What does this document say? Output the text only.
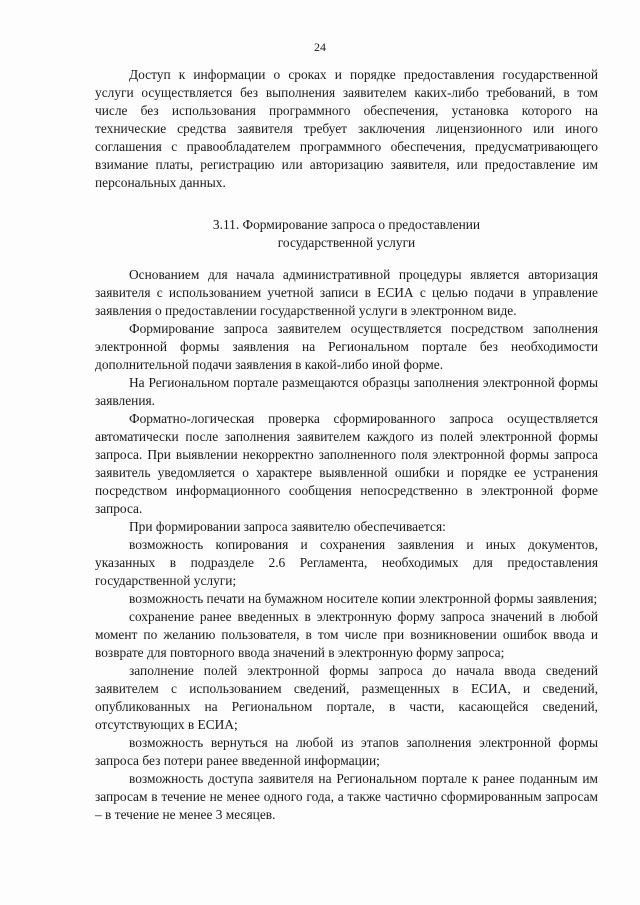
24

Доступ к информации о сроках и порядке предоставления государственной услуги осуществляется без выполнения заявителем каких-либо требований, в том числе без использования программного обеспечения, установка которого на технические средства заявителя требует заключения лицензионного или иного соглашения с правообладателем программного обеспечения, предусматривающего взимание платы, регистрацию или авторизацию заявителя, или предоставление им персональных данных.

3.11. Формирование запроса о предоставлении
государственной услуги

Основанием для начала административной процедуры является авторизация заявителя с использованием учетной записи в ЕСИА с целью подачи в управление заявления о предоставлении государственной услуги в электронном виде.

Формирование запроса заявителем осуществляется посредством заполнения электронной формы заявления на Региональном портале без необходимости дополнительной подачи заявления в какой-либо иной форме.

На Региональном портале размещаются образцы заполнения электронной формы заявления.

Форматно-логическая проверка сформированного запроса осуществляется автоматически после заполнения заявителем каждого из полей электронной формы запроса. При выявлении некорректно заполненного поля электронной формы запроса заявитель уведомляется о характере выявленной ошибки и порядке ее устранения посредством информационного сообщения непосредственно в электронной форме запроса.

При формировании запроса заявителю обеспечивается:

возможность копирования и сохранения заявления и иных документов, указанных в подразделе 2.6 Регламента, необходимых для предоставления государственной услуги;

возможность печати на бумажном носителе копии электронной формы заявления;

сохранение ранее введенных в электронную форму запроса значений в любой момент по желанию пользователя, в том числе при возникновении ошибок ввода и возврате для повторного ввода значений в электронную форму запроса;

заполнение полей электронной формы запроса до начала ввода сведений заявителем с использованием сведений, размещенных в ЕСИА, и сведений, опубликованных на Региональном портале, в части, касающейся сведений, отсутствующих в ЕСИА;

возможность вернуться на любой из этапов заполнения электронной формы запроса без потери ранее введенной информации;

возможность доступа заявителя на Региональном портале к ранее поданным им запросам в течение не менее одного года, а также частично сформированным запросам – в течение не менее 3 месяцев.
